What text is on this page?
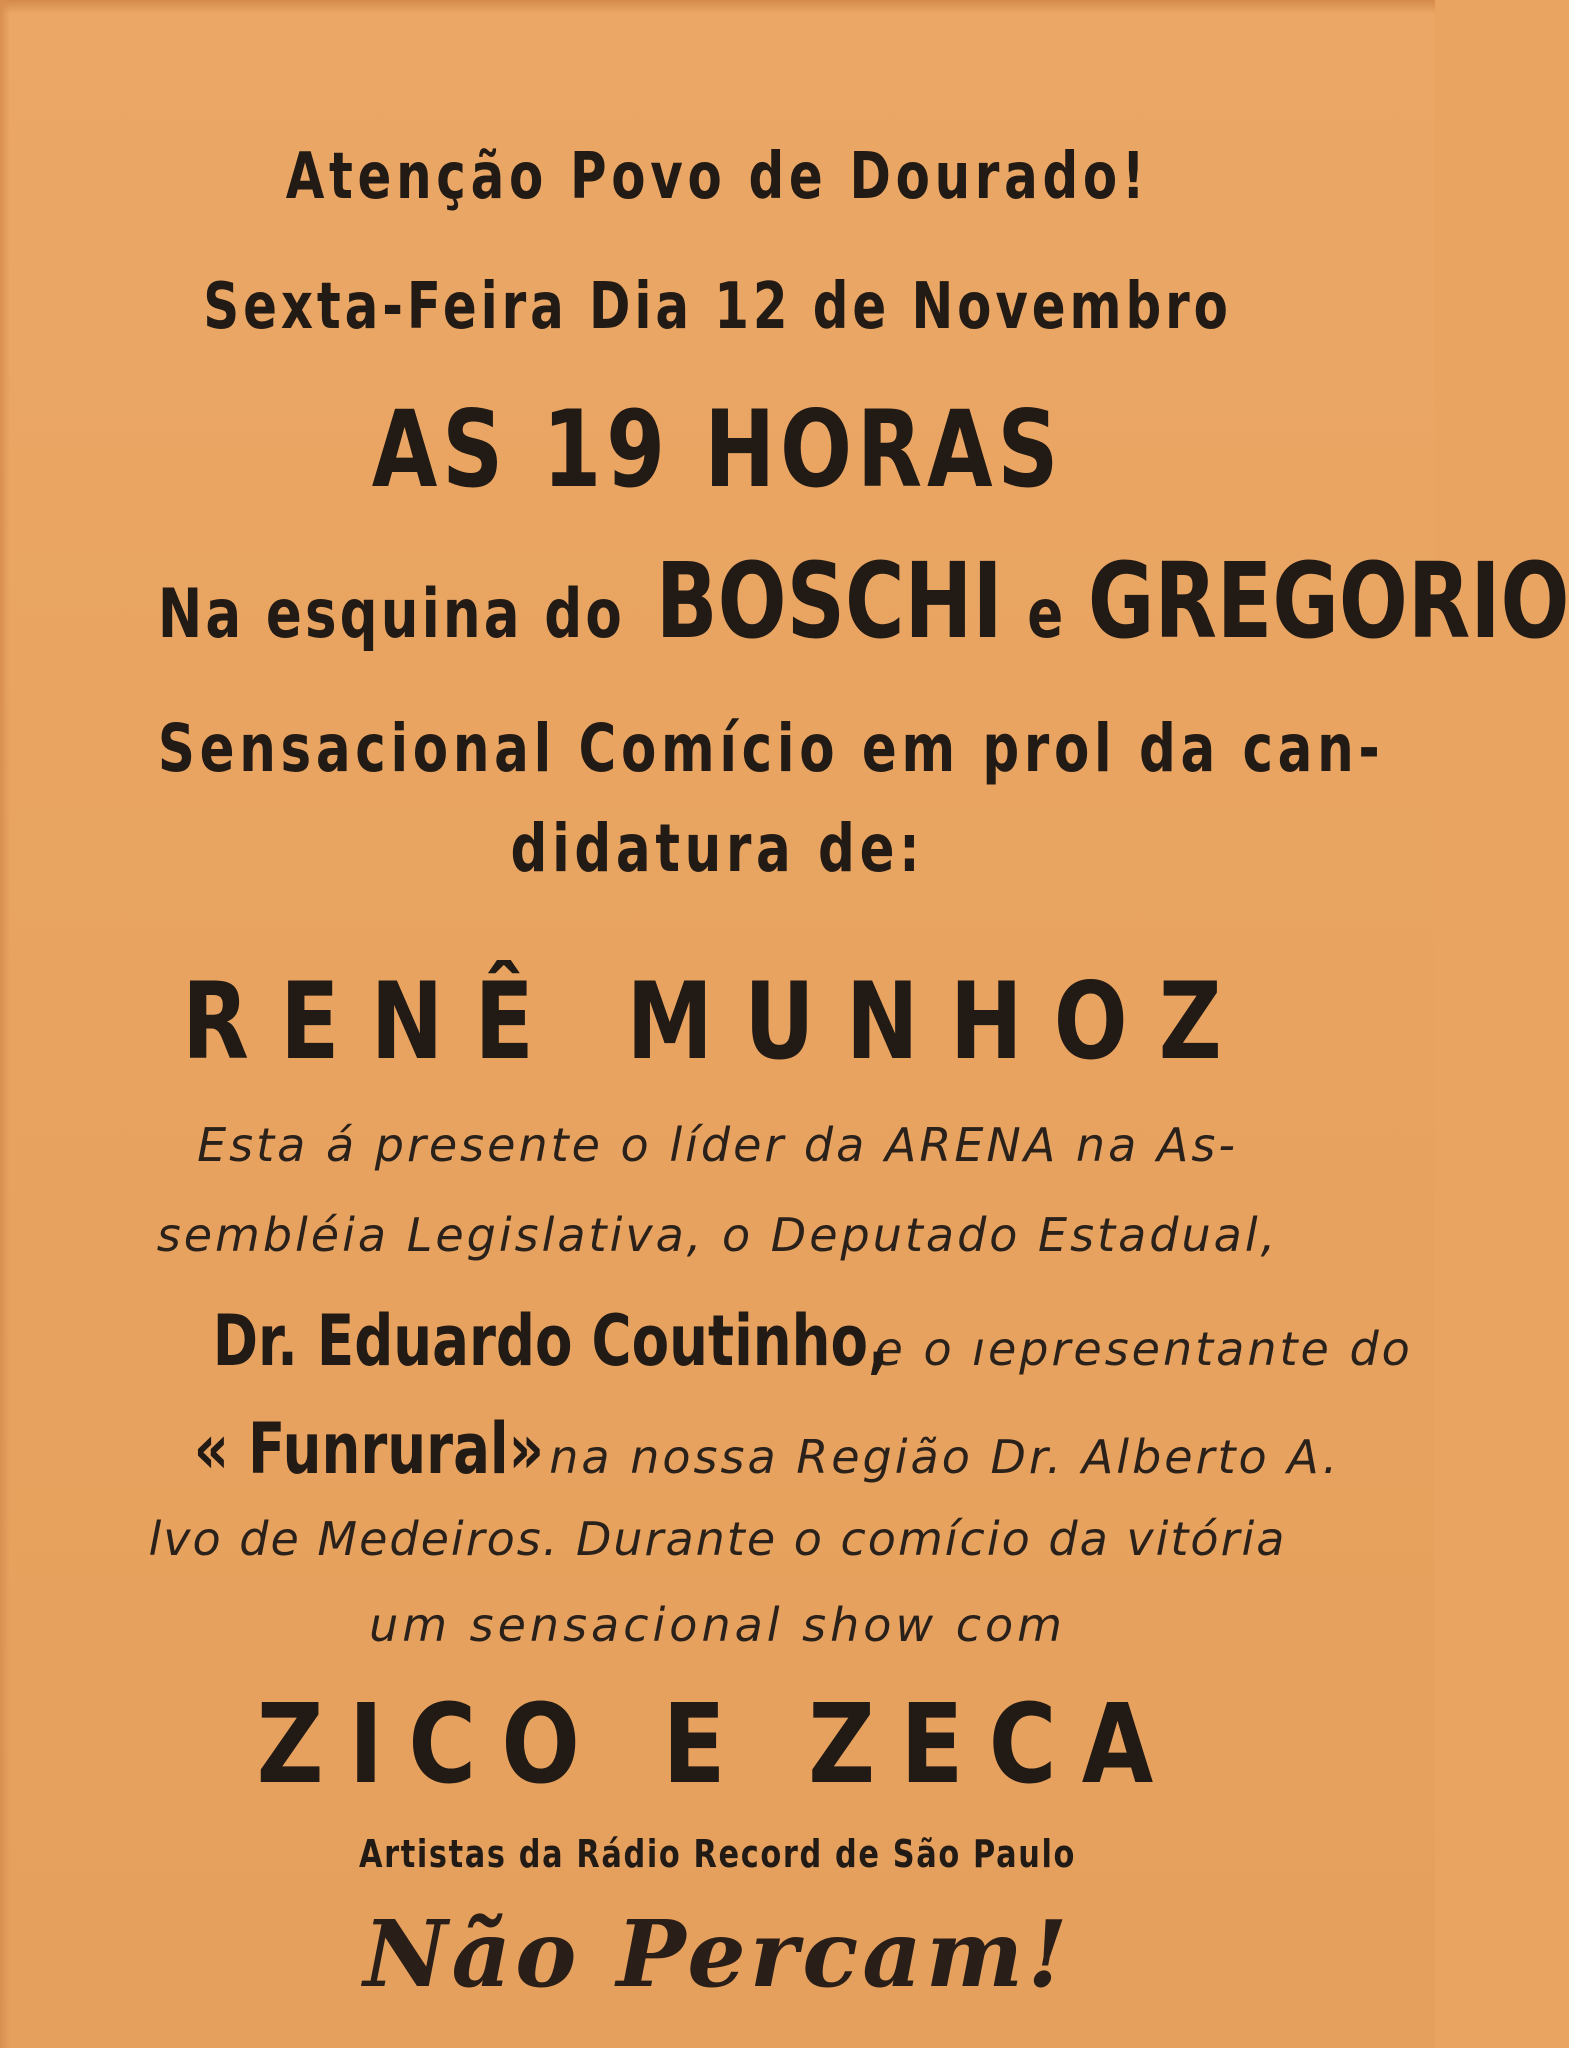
Atenção Povo de Dourado!
Sexta-Feira Dia 12 de Novembro
AS 19 HORAS
Na esquina do BOSCHI e GREGORIO
Sensacional Comício em prol da can-
didatura de:
RENÊ MUNHOZ
Esta á presente o líder da ARENA na As-
sembléia Legislativa, o Deputado Estadual,
Dr. Eduardo Coutinho, e o ıepresentante do
« Funrural» na nossa Região Dr. Alberto A.
lvo de Medeiros. Durante o comício da vitória
um sensacional show com
ZICO E ZECA
Artistas da Rádio Record de São Paulo
Não Percam!
